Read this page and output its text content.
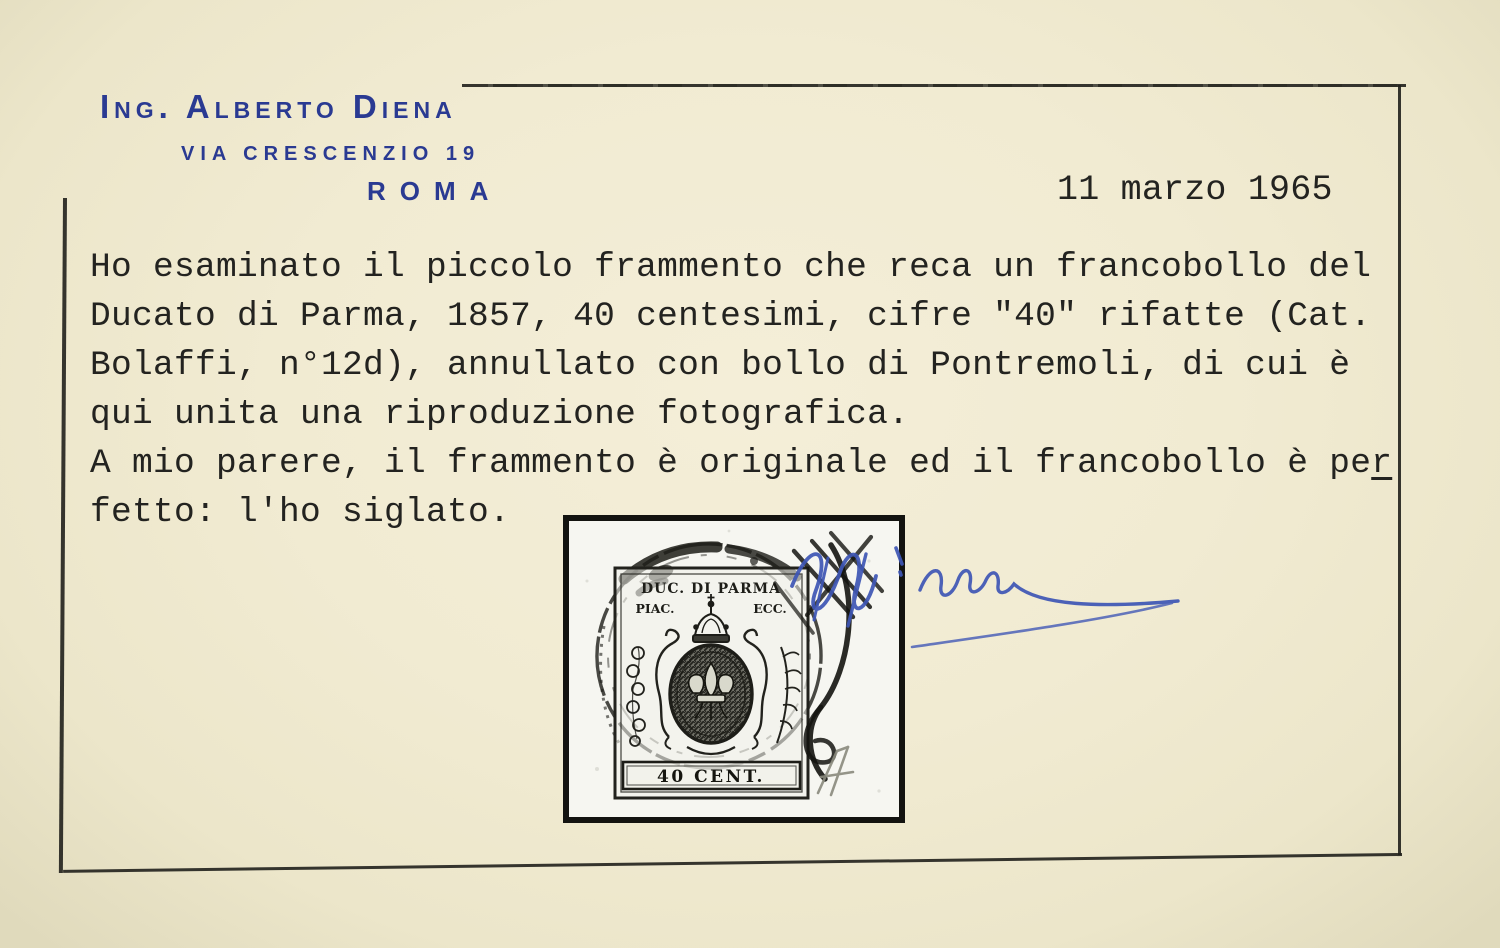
Ing. Alberto Diena
VIA CRESCENZIO 19
ROMA	11 marzo 1965
Ho esaminato il piccolo frammento che reca un francobollo del
Ducato di Parma, 1857, 40 centesimi, cifre "40" rifatte (Cat.
Bolaffi, n°12d), annullato con bollo di Pontremoli, di cui è
qui unita una riproduzione fotografica.
A mio parere, il frammento è originale ed il francobollo è per
fetto: l'ho siglato.
DUC. DI PARMA
PIAC.	ECC.
40 CENT.
